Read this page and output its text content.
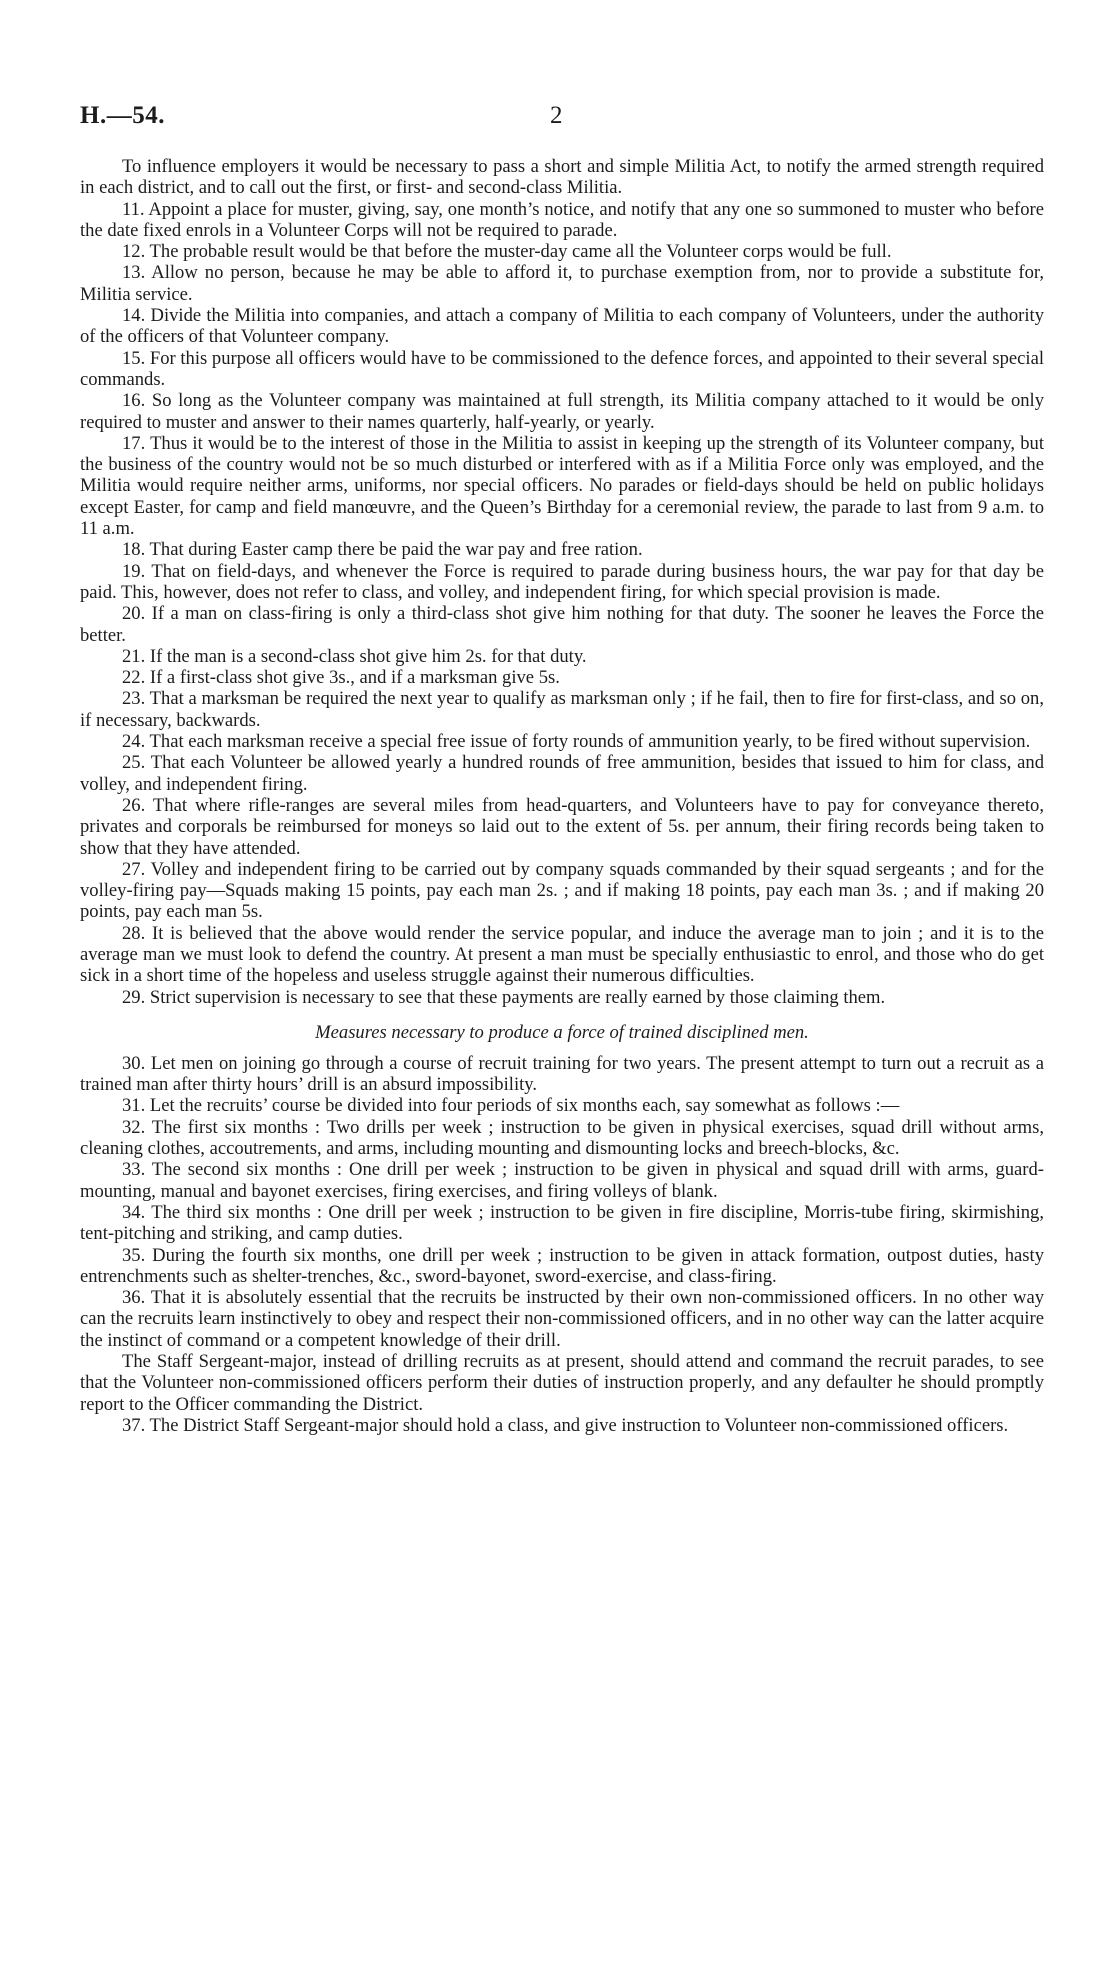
H.—54.	2

To influence employers it would be necessary to pass a short and simple Militia Act, to notify the armed strength required in each district, and to call out the first, or first- and second-class Militia.

11. Appoint a place for muster, giving, say, one month’s notice, and notify that any one so summoned to muster who before the date fixed enrols in a Volunteer Corps will not be required to parade.

12. The probable result would be that before the muster-day came all the Volunteer corps would be full.

13. Allow no person, because he may be able to afford it, to purchase exemption from, nor to provide a substitute for, Militia service.

14. Divide the Militia into companies, and attach a company of Militia to each company of Volunteers, under the authority of the officers of that Volunteer company.

15. For this purpose all officers would have to be commissioned to the defence forces, and appointed to their several special commands.

16. So long as the Volunteer company was maintained at full strength, its Militia company attached to it would be only required to muster and answer to their names quarterly, half-yearly, or yearly.

17. Thus it would be to the interest of those in the Militia to assist in keeping up the strength of its Volunteer company, but the business of the country would not be so much disturbed or interfered with as if a Militia Force only was employed, and the Militia would require neither arms, uniforms, nor special officers. No parades or field-days should be held on public holidays except Easter, for camp and field manœuvre, and the Queen’s Birthday for a ceremonial review, the parade to last from 9 a.m. to 11 a.m.

18. That during Easter camp there be paid the war pay and free ration.

19. That on field-days, and whenever the Force is required to parade during business hours, the war pay for that day be paid. This, however, does not refer to class, and volley, and independent firing, for which special provision is made.

20. If a man on class-firing is only a third-class shot give him nothing for that duty. The sooner he leaves the Force the better.

21. If the man is a second-class shot give him 2s. for that duty.

22. If a first-class shot give 3s., and if a marksman give 5s.

23. That a marksman be required the next year to qualify as marksman only ; if he fail, then to fire for first-class, and so on, if necessary, backwards.

24. That each marksman receive a special free issue of forty rounds of ammunition yearly, to be fired without supervision.

25. That each Volunteer be allowed yearly a hundred rounds of free ammunition, besides that issued to him for class, and volley, and independent firing.

26. That where rifle-ranges are several miles from head-quarters, and Volunteers have to pay for conveyance thereto, privates and corporals be reimbursed for moneys so laid out to the extent of 5s. per annum, their firing records being taken to show that they have attended.

27. Volley and independent firing to be carried out by company squads commanded by their squad sergeants ; and for the volley-firing pay—Squads making 15 points, pay each man 2s. ; and if making 18 points, pay each man 3s. ; and if making 20 points, pay each man 5s.

28. It is believed that the above would render the service popular, and induce the average man to join ; and it is to the average man we must look to defend the country. At present a man must be specially enthusiastic to enrol, and those who do get sick in a short time of the hopeless and useless struggle against their numerous difficulties.

29. Strict supervision is necessary to see that these payments are really earned by those claiming them.

Measures necessary to produce a force of trained disciplined men.

30. Let men on joining go through a course of recruit training for two years. The present attempt to turn out a recruit as a trained man after thirty hours’ drill is an absurd impossibility.

31. Let the recruits’ course be divided into four periods of six months each, say somewhat as follows :—

32. The first six months : Two drills per week ; instruction to be given in physical exercises, squad drill without arms, cleaning clothes, accoutrements, and arms, including mounting and dismounting locks and breech-blocks, &c.

33. The second six months : One drill per week ; instruction to be given in physical and squad drill with arms, guard-mounting, manual and bayonet exercises, firing exercises, and firing volleys of blank.

34. The third six months : One drill per week ; instruction to be given in fire discipline, Morris-tube firing, skirmishing, tent-pitching and striking, and camp duties.

35. During the fourth six months, one drill per week ; instruction to be given in attack formation, outpost duties, hasty entrenchments such as shelter-trenches, &c., sword-bayonet, sword-exercise, and class-firing.

36. That it is absolutely essential that the recruits be instructed by their own non-commissioned officers. In no other way can the recruits learn instinctively to obey and respect their non-commissioned officers, and in no other way can the latter acquire the instinct of command or a competent knowledge of their drill.

The Staff Sergeant-major, instead of drilling recruits as at present, should attend and command the recruit parades, to see that the Volunteer non-commissioned officers perform their duties of instruction properly, and any defaulter he should promptly report to the Officer commanding the District.

37. The District Staff Sergeant-major should hold a class, and give instruction to Volunteer non-commissioned officers.
